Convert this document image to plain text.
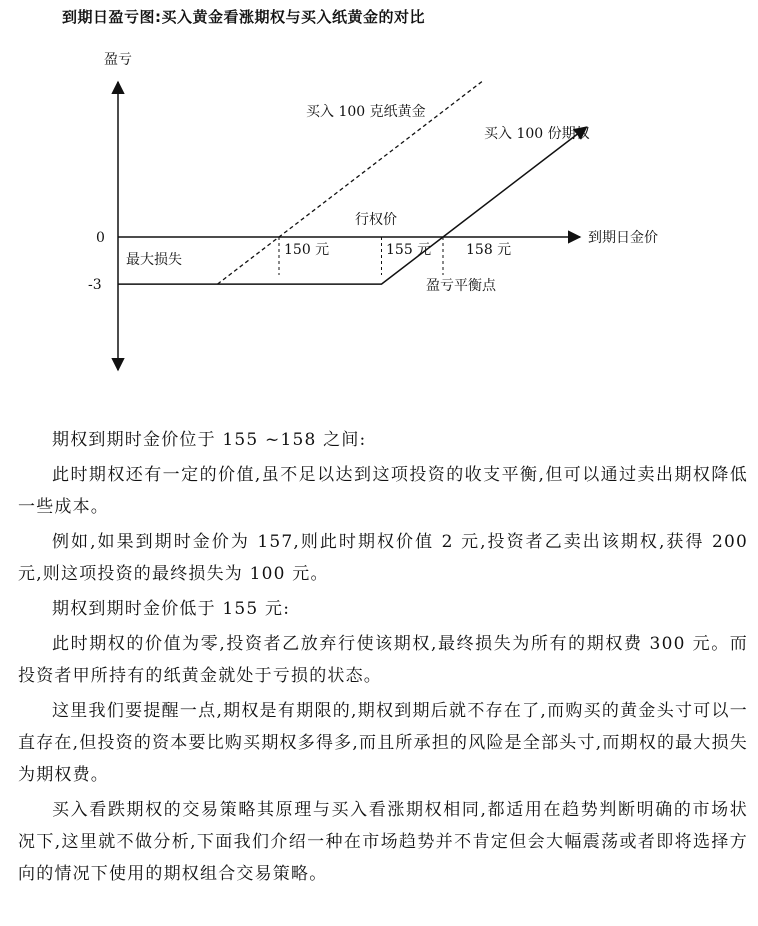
到期日盈亏图:买入黄金看涨期权与买入纸黄金的对比
盈亏
到期日金价
0
-3
买入 100 克纸黄金
买入 100 份期权
行权价
最大损失
盈亏平衡点
150 元	155 元 158 元

期权到期时金价位于 155 ~158 之间:

此时期权还有一定的价值,虽不足以达到这项投资的收支平衡,但可以通过卖出期权降低一些成本。

例如,如果到期时金价为 157,则此时期权价值 2 元,投资者乙卖出该期权,获得 200 元,则这项投资的最终损失为 100 元。

期权到期时金价低于 155 元:

此时期权的价值为零,投资者乙放弃行使该期权,最终损失为所有的期权费 300 元。而投资者甲所持有的纸黄金就处于亏损的状态。

这里我们要提醒一点,期权是有期限的,期权到期后就不存在了,而购买的黄金头寸可以一直存在,但投资的资本要比购买期权多得多,而且所承担的风险是全部头寸,而期权的最大损失为期权费。

买入看跌期权的交易策略其原理与买入看涨期权相同,都适用在趋势判断明确的市场状况下,这里就不做分析,下面我们介绍一种在市场趋势并不肯定但会大幅震荡或者即将选择方向的情况下使用的期权组合交易策略。
